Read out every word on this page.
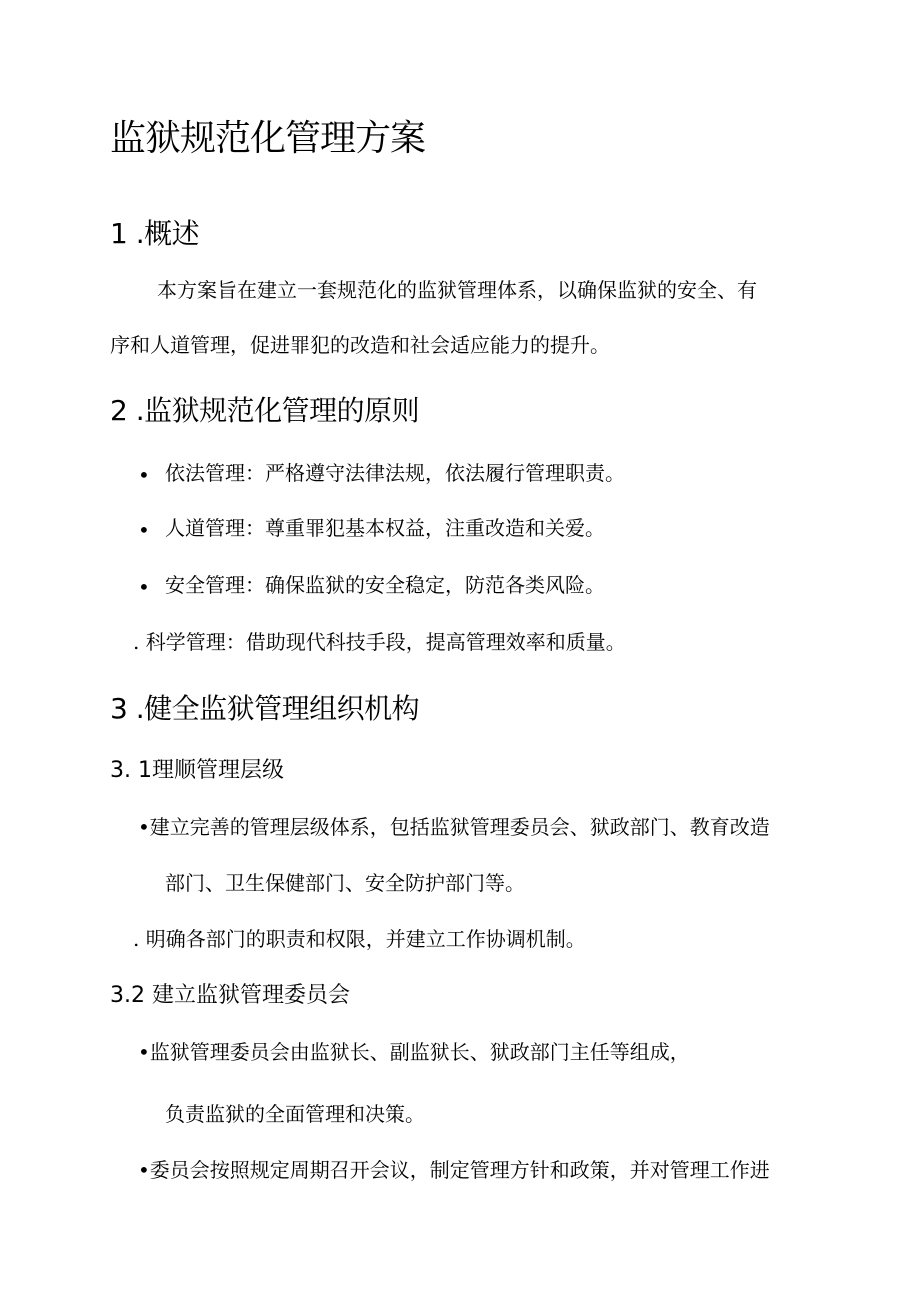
监狱规范化管理方案
1 .概述
本方案旨在建立一套规范化的监狱管理体系，以确保监狱的安全、有
序和人道管理，促进罪犯的改造和社会适应能力的提升。
2 .监狱规范化管理的原则
• 依法管理：严格遵守法律法规，依法履行管理职责。
• 人道管理：尊重罪犯基本权益，注重改造和关爱。
• 安全管理：确保监狱的安全稳定，防范各类风险。
. 科学管理：借助现代科技手段，提高管理效率和质量。
3 .健全监狱管理组织机构
3. 1理顺管理层级
•建立完善的管理层级体系，包括监狱管理委员会、狱政部门、教育改造
部门、卫生保健部门、安全防护部门等。
. 明确各部门的职责和权限，并建立工作协调机制。
3.2 建立监狱管理委员会
•监狱管理委员会由监狱长、副监狱长、狱政部门主任等组成，
负责监狱的全面管理和决策。
•委员会按照规定周期召开会议，制定管理方针和政策，并对管理工作进
